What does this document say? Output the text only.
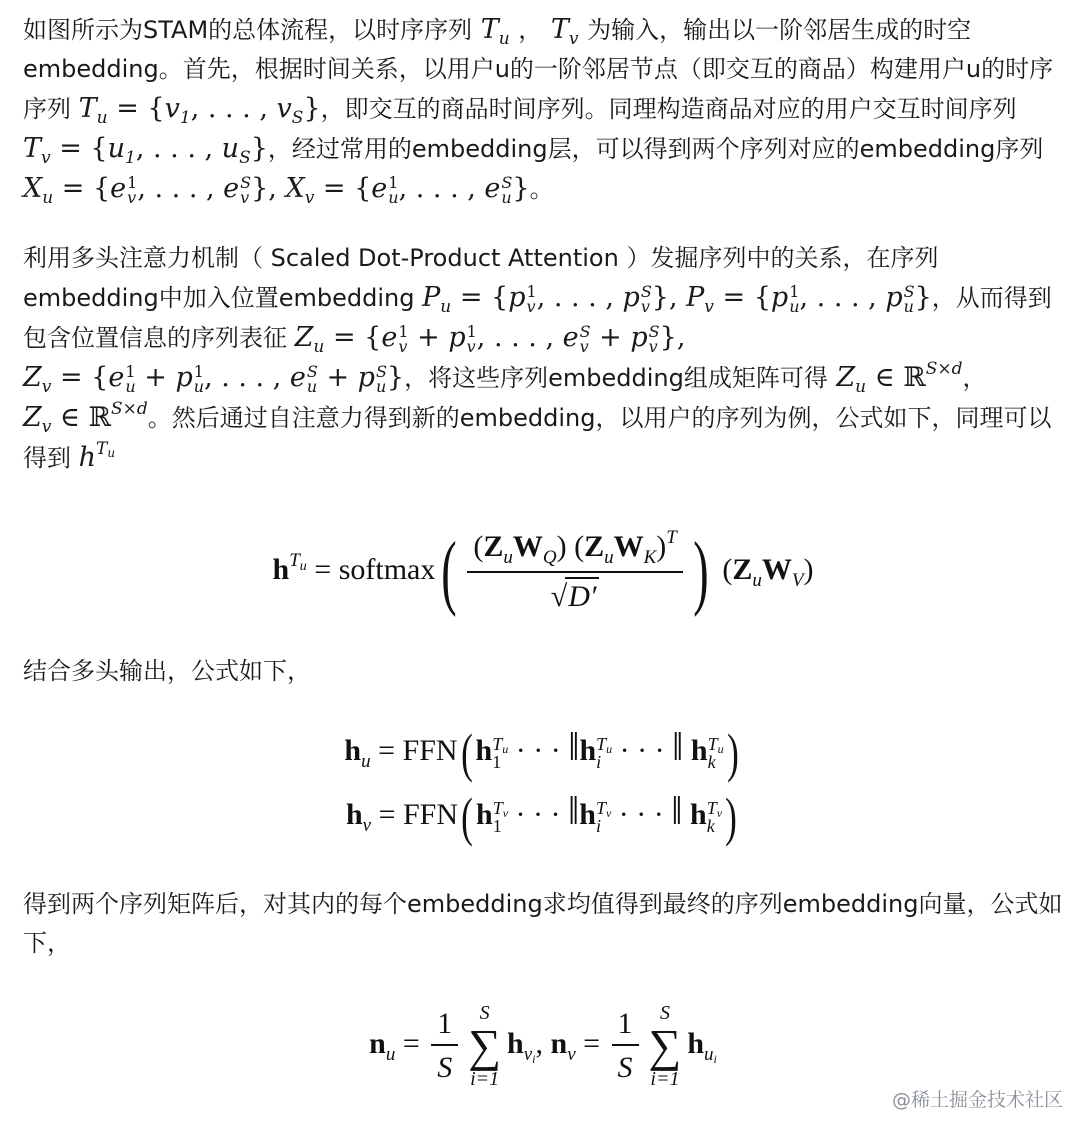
如图所示为STAM的总体流程，以时序序列 $T_u$ ， $T_v$ 为输入，输出以一阶邻居生成的时空embedding。首先，根据时间关系，以用户u的一阶邻居节点（即交互的商品）构建用户u的时序序列 $T_u = \{v_1$, . . . , $v_S$}，即交互的商品时间序列。同理构造商品对应的用户交互时间序列 $T_v = \{u_1$, . . . , $u_S$}，经过常用的embedding层，可以得到两个序列对应的embedding序列 $X_u = \{e$ 1
v , . . . , e S
v }, $X_v = \{e$ 1
u , . . . , e S
u }。

利用多头注意力机制（ Scaled Dot-Product Attention ）发掘序列中的关系，在序列embedding中加入位置embedding $P_u = \{p$ 1
v , . . . , p S
v }, $P_v = \{p$ 1
u , . . . , p S
u }，从而得到包含位置信息的序列表征 $Z_u = \{e$ 1
v + p 1
v , . . . , e S
v + p S
v }, $Z_v = \{e$ 1
u + p 1
u , . . . , e S
u + p S
u }，将这些序列embedding组成矩阵可得 $Z_u$ ∈ ℝ$^{S\times d}$， $Z_v$ ∈ ℝ$^{S\times d}$。然后通过自注意力得到新的embedding，以用户的序列为例，公式如下，同理可以得到 $h^{T_u}$

$h^{T_u}$ = softmax( $\frac{(Z_uW_Q) (Z_uW_K)^T}{√D'}$ ) $(Z_uW_V)$

结合多头输出，公式如下，

$h_u = FFN$( h $T_u$
1 · · · ‖h $T_u$
i · · · ‖ h $T_u$
k )
$h_v = FFN$( h $T_v$
1 · · · ‖h $T_v$
i · · · ‖ h $T_v$
k )

得到两个序列矩阵后，对其内的每个embedding求均值得到最终的序列embedding向量，公式如下，

$n_u = \frac{1}{S}$	S
∑
i=1
$h_{v_i}$, $n_v = \frac{1}{S}$	S
∑
i=1
$h_{u_i}$
@稀土掘金技术社区
